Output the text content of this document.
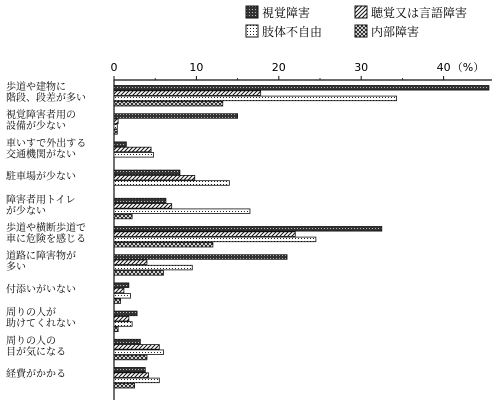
視覚障害	聴覚又は言語障害
肢体不自由	内部障害
0	10	20	30	40 （%）
歩道や建物に
階段、段差が多い
視覚障害者用の
設備が少ない
車いすで外出する
交通機関がない
駐車場が少ない
障害者用トイレ
が少ない
歩道や横断歩道で
車に危険を感じる
道路に障害物が
多い
付添いがいない
周りの人が
助けてくれない
周りの人の
目が気になる
経費がかかる
